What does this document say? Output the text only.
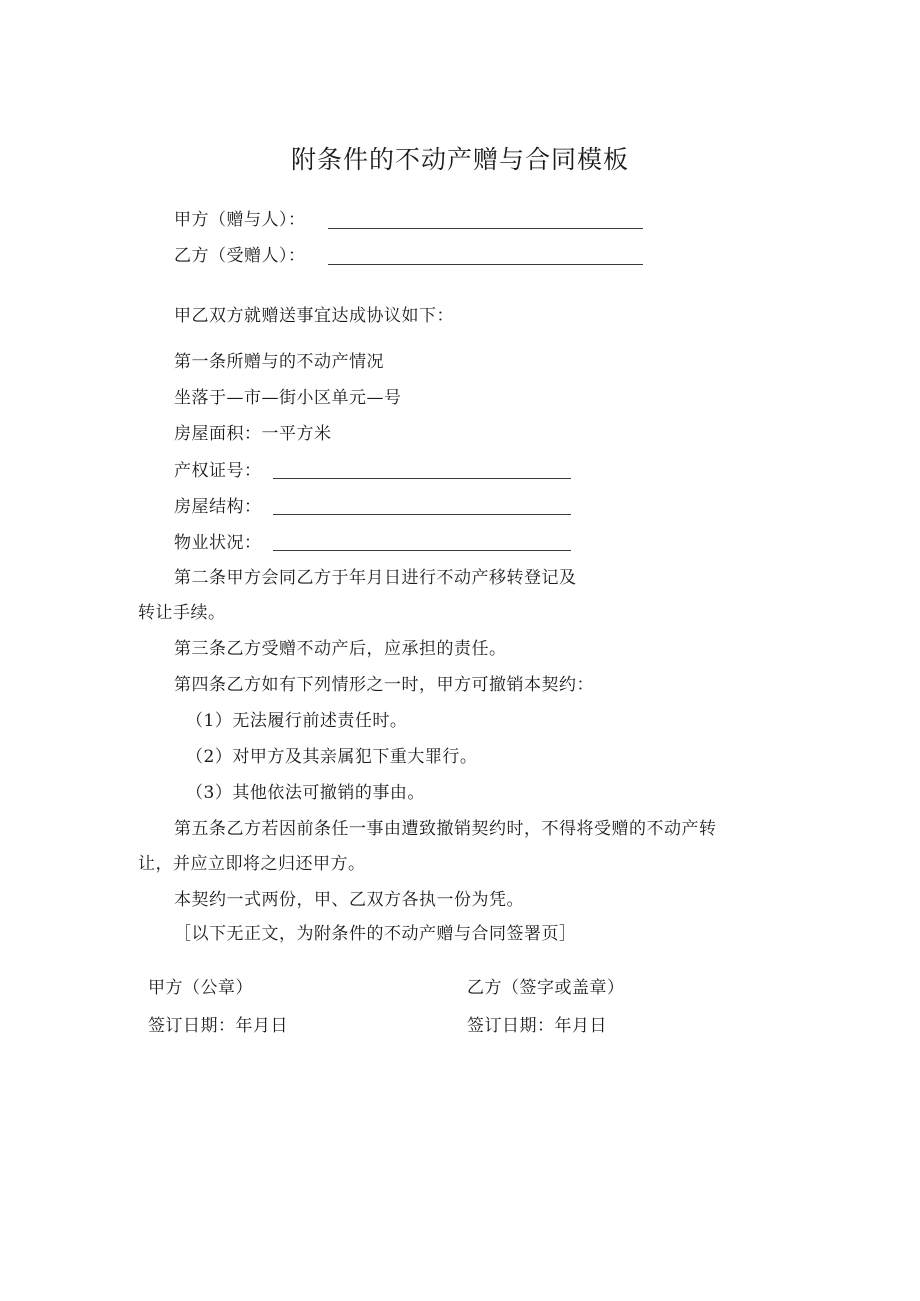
附条件的不动产赠与合同模板
甲方（赠与人）：
乙方（受赠人）：
甲乙双方就赠送事宜达成协议如下：
第一条所赠与的不动产情况
坐落于—市—街小区单元—号
房屋面积：一平方米
产权证号：
房屋结构：
物业状况：
第二条甲方会同乙方于年月日进行不动产移转登记及
转让手续。
第三条乙方受赠不动产后，应承担的责任。
第四条乙方如有下列情形之一时，甲方可撤销本契约：
（1）无法履行前述责任时。
（2）对甲方及其亲属犯下重大罪行。
（3）其他依法可撤销的事由。
第五条乙方若因前条任一事由遭致撤销契约时，不得将受赠的不动产转
让，并应立即将之归还甲方。
本契约一式两份，甲、乙双方各执一份为凭。
［以下无正文，为附条件的不动产赠与合同签署页］
甲方（公章）	乙方（签字或盖章）
签订日期：年月日	签订日期：年月日
